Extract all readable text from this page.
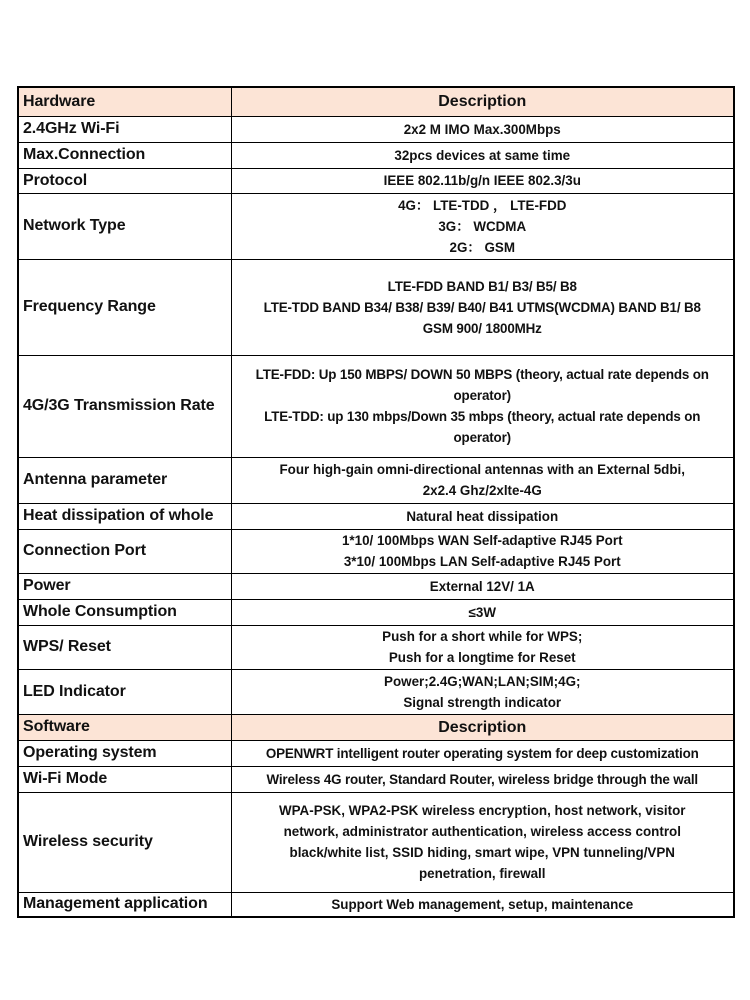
Hardware	Description
2.4GHz Wi-Fi	2x2 M IMO Max.300Mbps

Max.Connection	32pcs devices at same time

Protocol	IEEE 802.11b/g/n IEEE 802.3/3u

Network Type	4G： LTE-TDD ， LTE-FDD
3G： WCDMA
2G： GSM

Frequency Range	LTE-FDD BAND B1/ B3/ B5/ B8
LTE-TDD BAND B34/ B38/ B39/ B40/ B41 UTMS(WCDMA) BAND B1/ B8
GSM 900/ 1800MHz

4G/3G Transmission Rate	LTE-FDD: Up 150 MBPS/ DOWN 50 MBPS (theory, actual rate depends on
operator)
LTE-TDD: up 130 mbps/Down 35 mbps (theory, actual rate depends on
operator)

Antenna parameter	Four high-gain omni-directional antennas with an External 5dbi,
2x2.4 Ghz/2xlte-4G

Heat dissipation of whole	Natural heat dissipation

Connection Port	1*10/ 100Mbps WAN Self-adaptive RJ45 Port
3*10/ 100Mbps LAN Self-adaptive RJ45 Port

Power	External 12V/ 1A

Whole Consumption	≤3W

WPS/ Reset	Push for a short while for WPS;
Push for a longtime for Reset

LED Indicator	Power;2.4G;WAN;LAN;SIM;4G;
Signal strength indicator

Software	Description
Operating system	OPENWRT intelligent router operating system for deep customization

Wi-Fi Mode	Wireless 4G router, Standard Router, wireless bridge through the wall

Wireless security	WPA-PSK, WPA2-PSK wireless encryption, host network, visitor
network, administrator authentication, wireless access control
black/white list, SSID hiding, smart wipe, VPN tunneling/VPN
penetration, firewall

Management application	Support Web management, setup, maintenance
